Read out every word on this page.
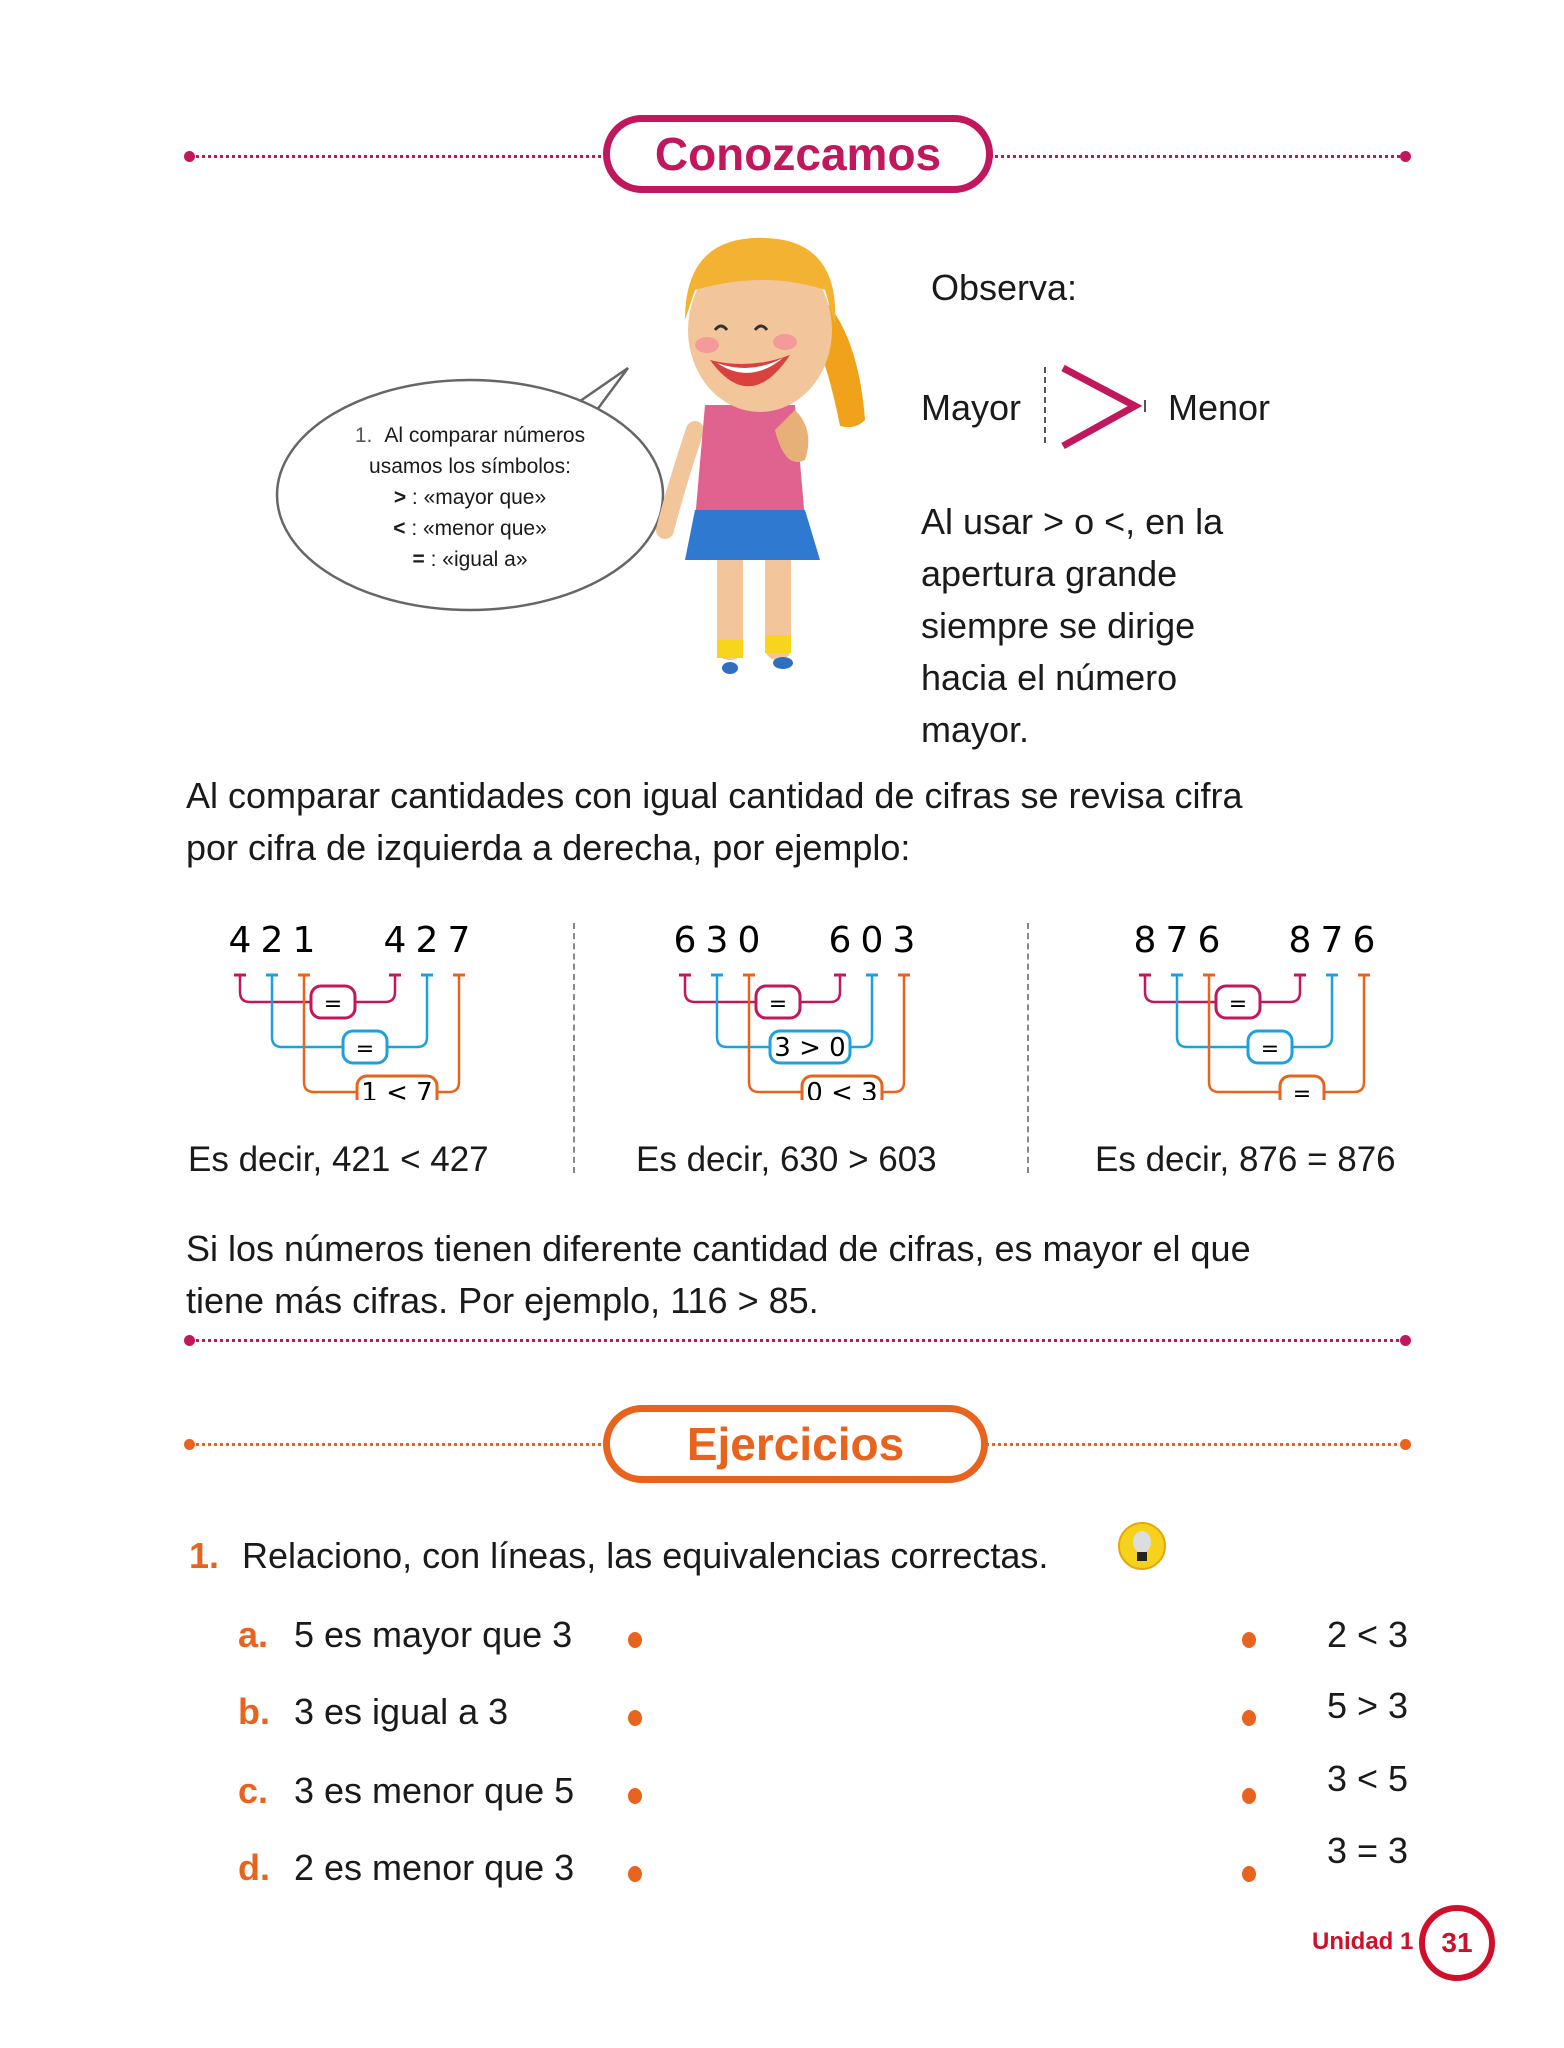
Conozcamos
1. Al comparar números
usamos los símbolos:
> : «mayor que»
< : «menor que»
= : «igual a»
Observa:
Mayor	Menor
Al usar > o <, en la
apertura grande
siempre se dirige
hacia el número
mayor.
Al comparar cantidades con igual cantidad de cifras se revisa cifra
por cifra de izquierda a derecha, por ejemplo:
4 2 1 4 2 7
=
=
1 < 7
6 3 0 6 0 3
=
3 > 0
0 < 3
8 7 6 8 7 6
=
=
=
Es decir, 421 < 427	Es decir, 630 > 603	Es decir, 876 = 876
Si los números tienen diferente cantidad de cifras, es mayor el que
tiene más cifras. Por ejemplo, 116 > 85.
Ejercicios
1. Relaciono, con líneas, las equivalencias correctas.
a. 5 es mayor que 3
b. 3 es igual a 3
c. 3 es menor que 5
d. 2 es menor que 3
2 < 3
5 > 3
3 < 5
3 = 3
Unidad 1 31
